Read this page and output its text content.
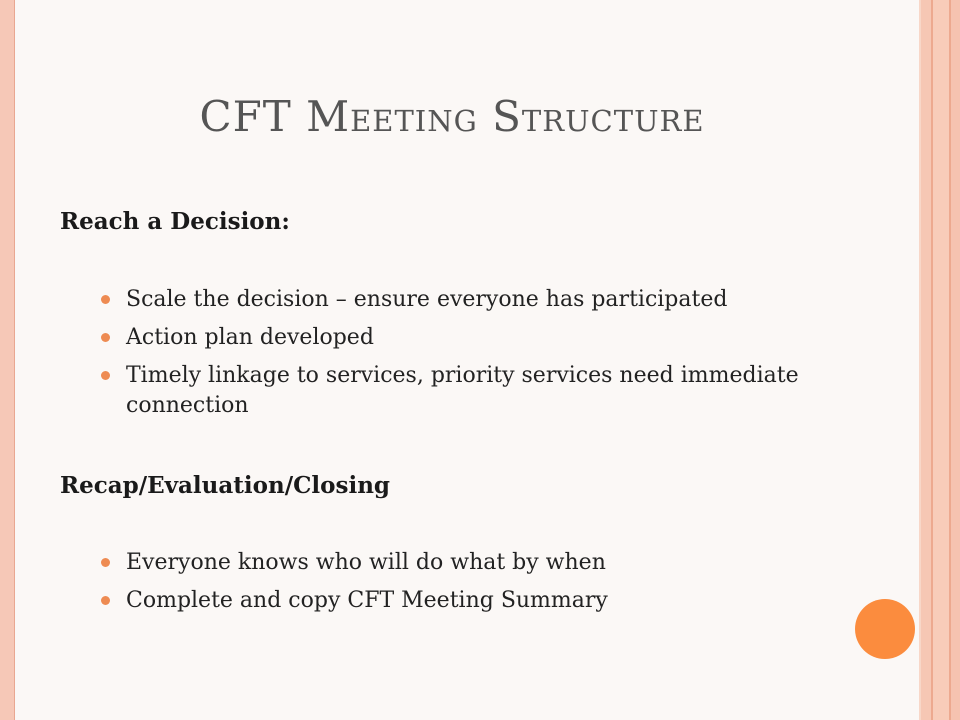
CFT Meeting Structure
Reach a Decision:
Scale the decision – ensure everyone has participated
Action plan developed
Timely linkage to services, priority services need immediate connection
Recap/Evaluation/Closing
Everyone knows who will do what by when
Complete and copy CFT Meeting Summary
